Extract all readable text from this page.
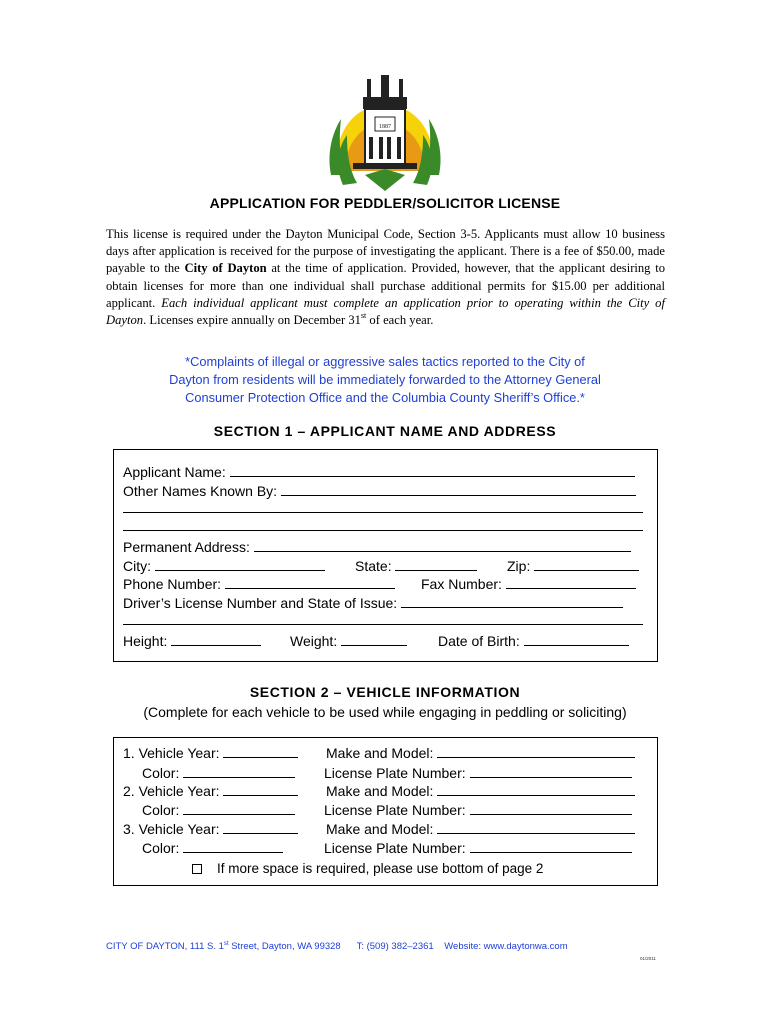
1887
APPLICATION FOR PEDDLER/SOLICITOR LICENSE
This license is required under the Dayton Municipal Code, Section 3-5. Applicants must allow 10 business days after application is received for the purpose of investigating the applicant. There is a fee of $50.00, made payable to the City of Dayton at the time of application. Provided, however, that the applicant desiring to obtain licenses for more than one individual shall purchase additional permits for $15.00 per additional applicant. Each individual applicant must complete an application prior to operating within the City of Dayton. Licenses expire annually on December 31st of each year.
*Complaints of illegal or aggressive sales tactics reported to the City of
Dayton from residents will be immediately forwarded to the Attorney General
Consumer Protection Office and the Columbia County Sheriff’s Office.*
SECTION 1 – APPLICANT NAME AND ADDRESS
Applicant Name:
Other Names Known By:
Permanent Address:
City:	State:	Zip:
Phone Number:	Fax Number:
Driver’s License Number and State of Issue:
Height:	Weight:	Date of Birth:
SECTION 2 – VEHICLE INFORMATION
(Complete for each vehicle to be used while engaging in peddling or soliciting)
1. Vehicle Year:	Make and Model:
Color:	License Plate Number:
2. Vehicle Year:	Make and Model:
Color:	License Plate Number:
3. Vehicle Year:	Make and Model:
Color:	License Plate Number:
If more space is required, please use bottom of page 2
CITY OF DAYTON, 111 S. 1st Street, Dayton, WA 99328 T: (509) 382–2361 Website: www.daytonwa.com
01/2011
